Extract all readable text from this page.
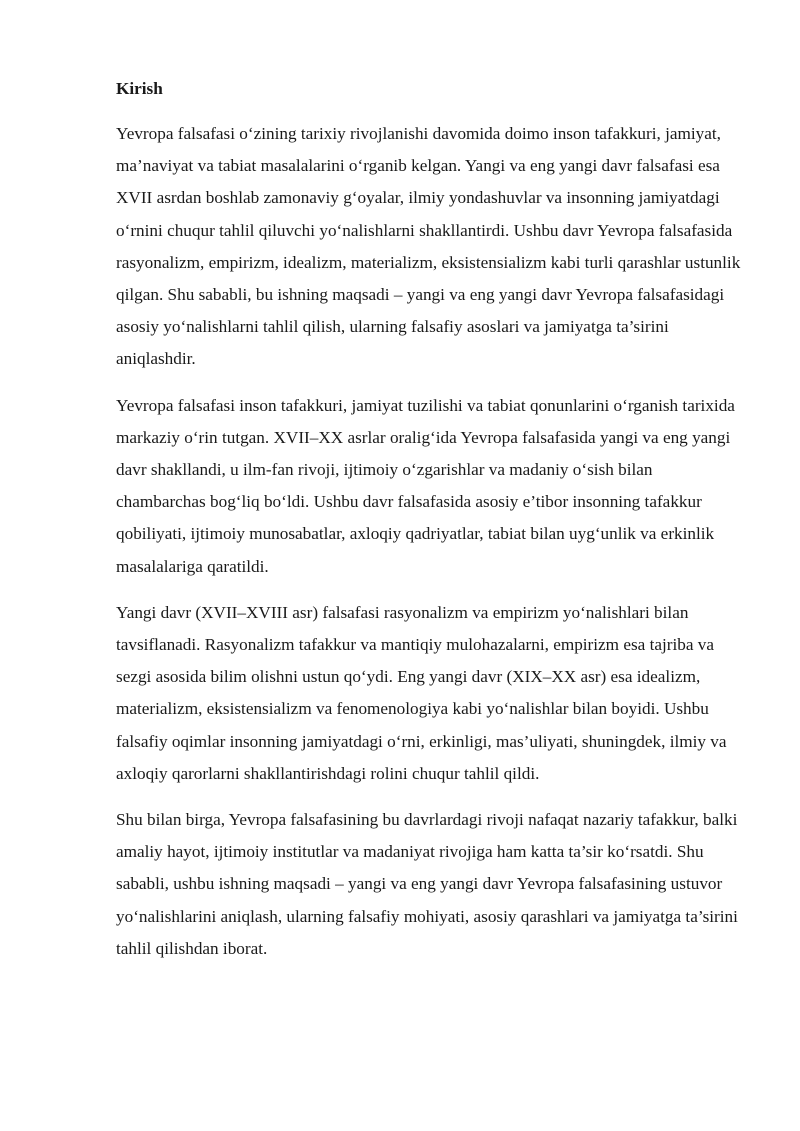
Kirish

Yevropa falsafasi o‘zining tarixiy rivojlanishi davomida doimo inson tafakkuri, jamiyat, ma’naviyat va tabiat masalalarini o‘rganib kelgan. Yangi va eng yangi davr falsafasi esa XVII asrdan boshlab zamonaviy g‘oyalar, ilmiy yondashuvlar va insonning jamiyatdagi o‘rnini chuqur tahlil qiluvchi yo‘nalishlarni shakllantirdi. Ushbu davr Yevropa falsafasida rasyonalizm, empirizm, idealizm, materializm, eksistensializm kabi turli qarashlar ustunlik qilgan. Shu sababli, bu ishning maqsadi – yangi va eng yangi davr Yevropa falsafasidagi asosiy yo‘nalishlarni tahlil qilish, ularning falsafiy asoslari va jamiyatga ta’sirini aniqlashdir.

Yevropa falsafasi inson tafakkuri, jamiyat tuzilishi va tabiat qonunlarini o‘rganish tarixida markaziy o‘rin tutgan. XVII–XX asrlar oralig‘ida Yevropa falsafasida yangi va eng yangi davr shakllandi, u ilm-fan rivoji, ijtimoiy o‘zgarishlar va madaniy o‘sish bilan chambarchas bog‘liq bo‘ldi. Ushbu davr falsafasida asosiy e’tibor insonning tafakkur qobiliyati, ijtimoiy munosabatlar, axloqiy qadriyatlar, tabiat bilan uyg‘unlik va erkinlik masalalariga qaratildi.

Yangi davr (XVII–XVIII asr) falsafasi rasyonalizm va empirizm yo‘nalishlari bilan tavsiflanadi. Rasyonalizm tafakkur va mantiqiy mulohazalarni, empirizm esa tajriba va sezgi asosida bilim olishni ustun qo‘ydi. Eng yangi davr (XIX–XX asr) esa idealizm, materializm, eksistensializm va fenomenologiya kabi yo‘nalishlar bilan boyidi. Ushbu falsafiy oqimlar insonning jamiyatdagi o‘rni, erkinligi, mas’uliyati, shuningdek, ilmiy va axloqiy qarorlarni shakllantirishdagi rolini chuqur tahlil qildi.

Shu bilan birga, Yevropa falsafasining bu davrlardagi rivoji nafaqat nazariy tafakkur, balki amaliy hayot, ijtimoiy institutlar va madaniyat rivojiga ham katta ta’sir ko‘rsatdi. Shu sababli, ushbu ishning maqsadi – yangi va eng yangi davr Yevropa falsafasining ustuvor yo‘nalishlarini aniqlash, ularning falsafiy mohiyati, asosiy qarashlari va jamiyatga ta’sirini tahlil qilishdan iborat.
